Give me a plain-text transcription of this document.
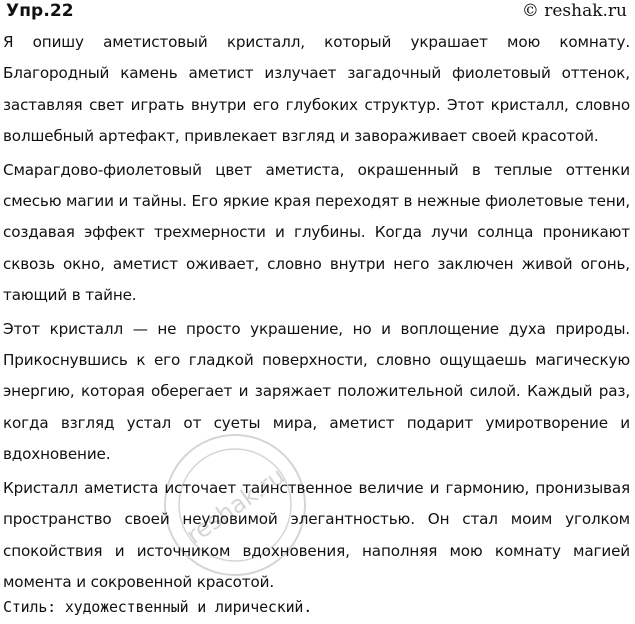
Упр.22	© reshak.ru

Я опишу аметистовый кристалл, который украшает мою комнату. Благородный камень аметист излучает загадочный фиолетовый оттенок, заставляя свет играть внутри его глубоких структур. Этот кристалл, словно волшебный артефакт, привлекает взгляд и завораживает своей красотой.

Смарагдово-фиолетовый цвет аметиста, окрашенный в теплые оттенки смесью магии и тайны. Его яркие края переходят в нежные фиолетовые тени, создавая эффект трехмерности и глубины. Когда лучи солнца проникают сквозь окно, аметист оживает, словно внутри него заключен живой огонь, тающий в тайне.

Этот кристалл — не просто украшение, но и воплощение духа природы. Прикоснувшись к его гладкой поверхности, словно ощущаешь магическую энергию, которая оберегает и заряжает положительной силой. Каждый раз, когда взгляд устал от суеты мира, аметист подарит умиротворение и вдохновение.

Кристалл аметиста источает таинственное величие и гармонию, пронизывая пространство своей неуловимой элегантностью. Он стал моим уголком спокойствия и источником вдохновения, наполняя мою комнату магией момента и сокровенной красотой.

Стиль: художественный и лирический.
reshak.ru
